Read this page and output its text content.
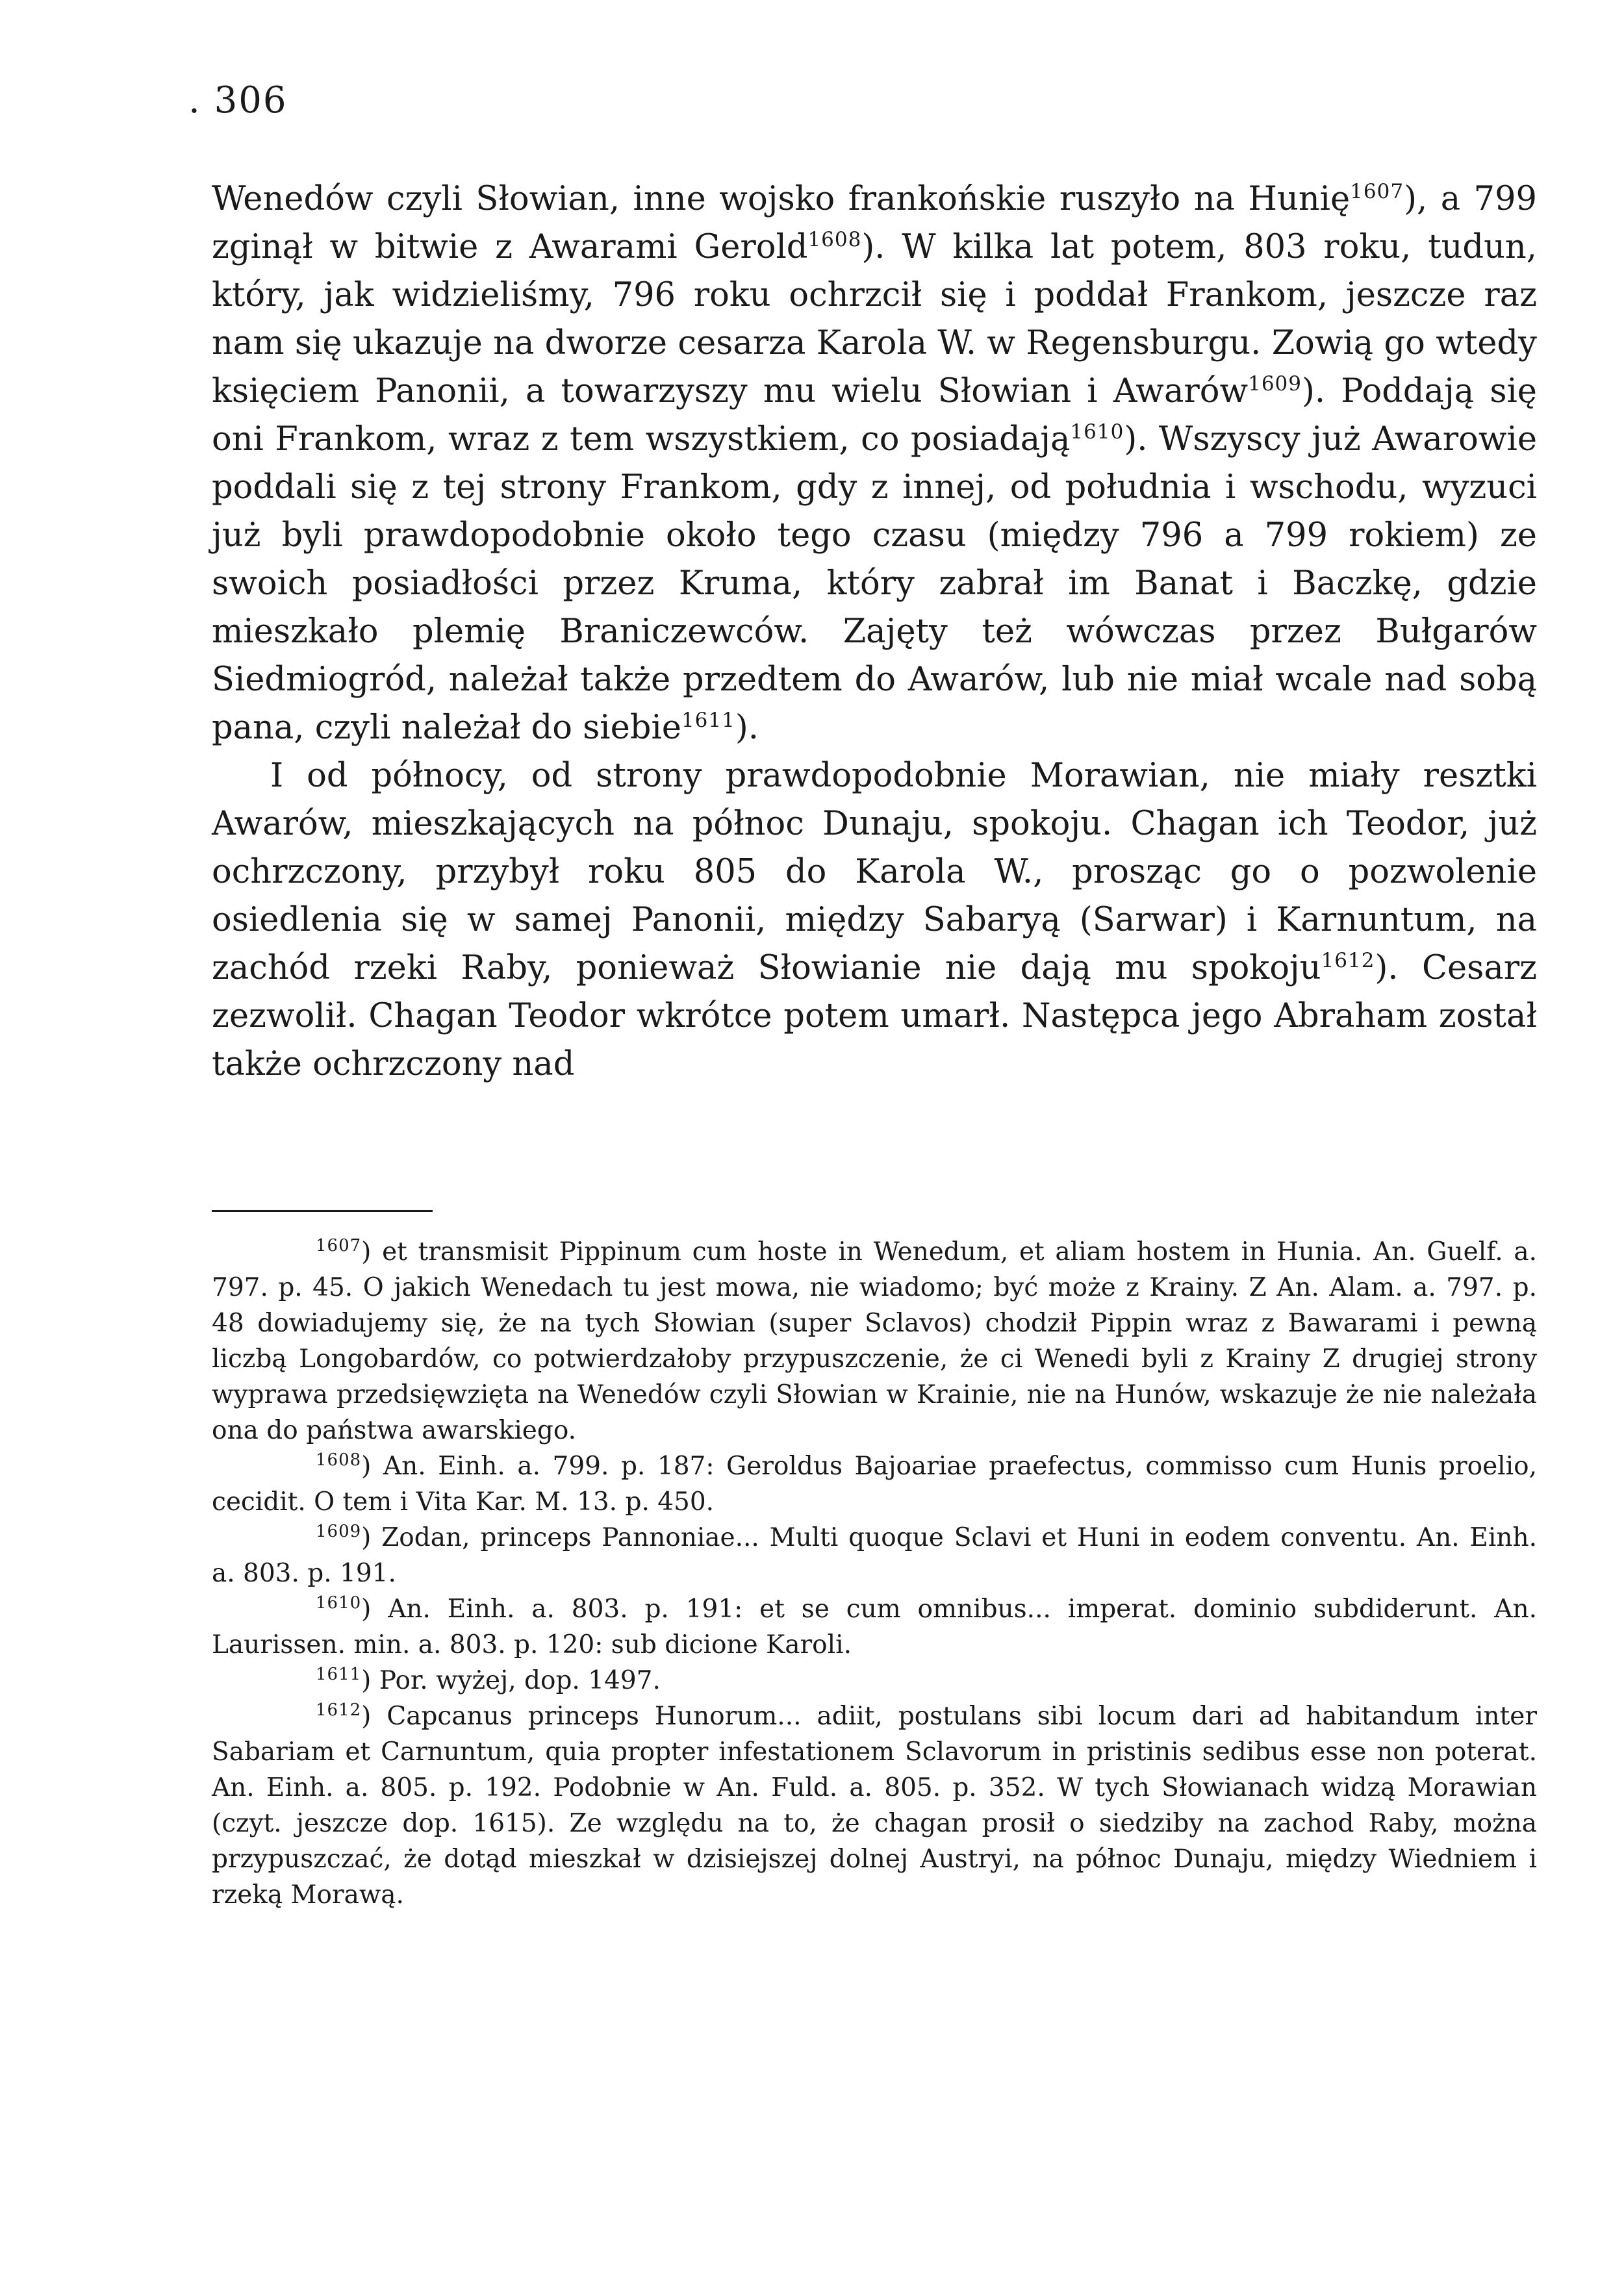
. 306

Wenedów czyli Słowian, inne wojsko frankońskie ruszyło na Hunię$^{1607}$), a 799 zginął w bitwie z Awarami Gerold$^{1608}$). W kilka lat potem, 803 roku, tudun, który, jak widzieliśmy, 796 roku ochrzcił się i poddał Frankom, jeszcze raz nam się ukazuje na dworze cesarza Karola W. w Regensburgu. Zowią go wtedy księciem Panonii, a towarzyszy mu wielu Słowian i Awarów$^{1609}$). Poddają się oni Frankom, wraz z tem wszystkiem, co posiadają$^{1610}$). Wszyscy już Awarowie poddali się z tej strony Frankom, gdy z innej, od południa i wschodu, wyzuci już byli prawdopodobnie około tego czasu (między 796 a 799 rokiem) ze swoich posiadłości przez Kruma, który zabrał im Banat i Baczkę, gdzie mieszkało plemię Braniczewców. Zajęty też wówczas przez Bułgarów Siedmiogród, należał także przedtem do Awarów, lub nie miał wcale nad sobą pana, czyli należał do siebie$^{1611}$).

I od północy, od strony prawdopodobnie Morawian, nie miały resztki Awarów, mieszkających na północ Dunaju, spokoju. Chagan ich Teodor, już ochrzczony, przybył roku 805 do Karola W., prosząc go o pozwolenie osiedlenia się w samej Panonii, między Sabaryą (Sarwar) i Karnuntum, na zachód rzeki Raby, ponieważ Słowianie nie dają mu spokoju$^{1612}$). Cesarz zezwolił. Chagan Teodor wkrótce potem umarł. Następca jego Abraham został także ochrzczony nad

$^{1607}$) et transmisit Pippinum cum hoste in Wenedum, et aliam hostem in Hunia. An. Guelf. a. 797. p. 45. O jakich Wenedach tu jest mowa, nie wiadomo; być może z Krainy. Z An. Alam. a. 797. p. 48 dowiadujemy się, że na tych Słowian (super Sclavos) chodził Pippin wraz z Bawarami i pewną liczbą Longobardów, co potwierdzałoby przypuszczenie, że ci Wenedi byli z Krainy Z drugiej strony wyprawa przedsięwzięta na Wenedów czyli Słowian w Krainie, nie na Hunów, wskazuje że nie należała ona do państwa awarskiego.

$^{1608}$) An. Einh. a. 799. p. 187: Geroldus Bajoariae praefectus, commisso cum Hunis proelio, cecidit. O tem i Vita Kar. M. 13. p. 450.

$^{1609}$) Zodan, princeps Pannoniae... Multi quoque Sclavi et Huni in eodem conventu. An. Einh. a. 803. p. 191.

$^{1610}$) An. Einh. a. 803. p. 191: et se cum omnibus... imperat. dominio subdiderunt. An. Laurissen. min. a. 803. p. 120: sub dicione Karoli.

$^{1611}$) Por. wyżej, dop. 1497.

$^{1612}$) Capcanus princeps Hunorum... adiit, postulans sibi locum dari ad habitandum inter Sabariam et Carnuntum, quia propter infestationem Sclavorum in pristinis sedibus esse non poterat. An. Einh. a. 805. p. 192. Podobnie w An. Fuld. a. 805. p. 352. W tych Słowianach widzą Morawian (czyt. jeszcze dop. 1615). Ze względu na to, że chagan prosił o siedziby na zachod Raby, można przypuszczać, że dotąd mieszkał w dzisiejszej dolnej Austryi, na północ Dunaju, między Wiedniem i rzeką Morawą.
